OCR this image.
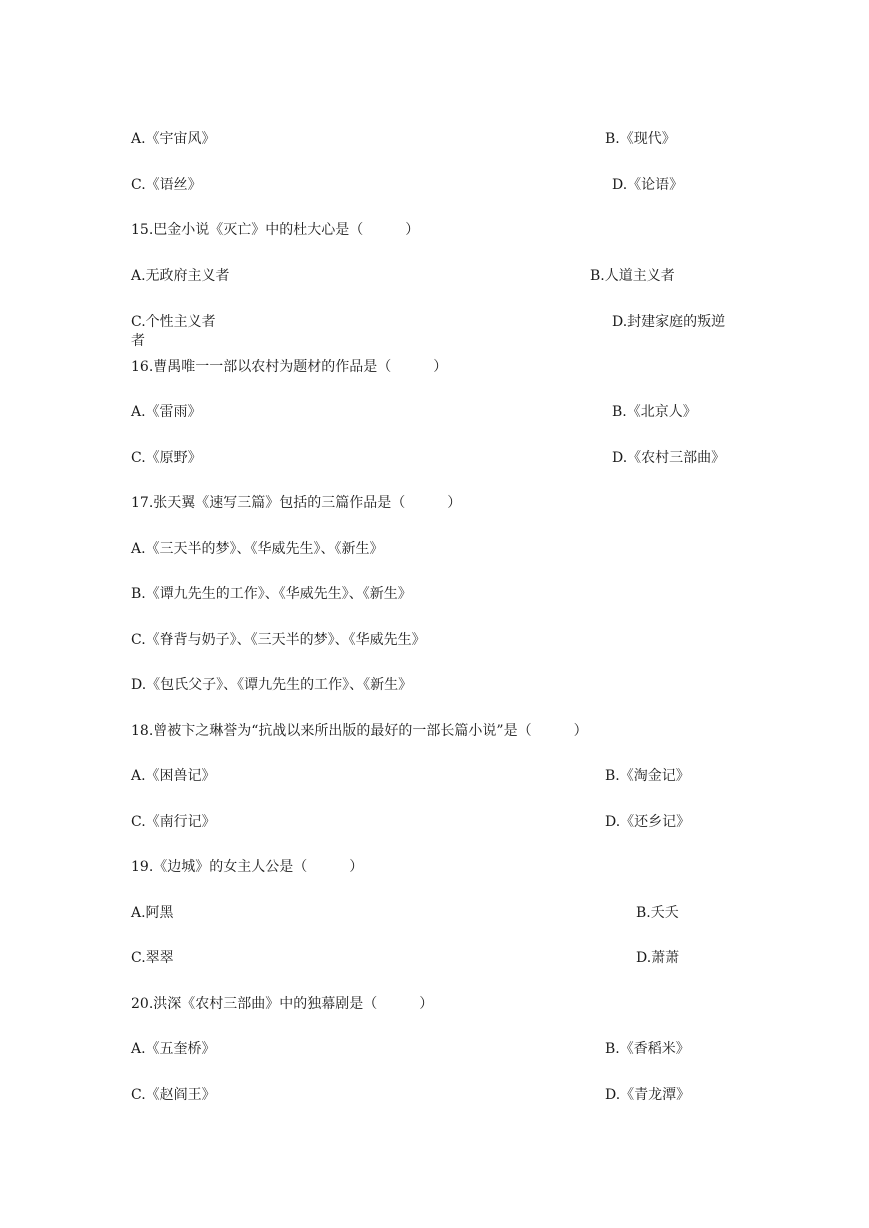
A.《宇宙风》	B.《现代》
C.《语丝》	D.《论语》
15.巴金小说《灭亡》中的杜大心是（　　　）
A.无政府主义者	B.人道主义者
C.个性主义者	D.封建家庭的叛逆
者
16.曹禺唯一一部以农村为题材的作品是（　　　）
A.《雷雨》	B.《北京人》
C.《原野》	D.《农村三部曲》
17.张天翼《速写三篇》包括的三篇作品是（　　　）
A.《三天半的梦》、《华威先生》、《新生》
B.《谭九先生的工作》、《华威先生》、《新生》
C.《脊背与奶子》、《三天半的梦》、《华威先生》
D.《包氏父子》、《谭九先生的工作》、《新生》
18.曾被卞之琳誉为“抗战以来所出版的最好的一部长篇小说”是（　　　）
A.《困兽记》	B.《淘金记》
C.《南行记》	D.《还乡记》
19.《边城》的女主人公是（　　　）
A.阿黑	B.夭夭
C.翠翠	D.萧萧
20.洪深《农村三部曲》中的独幕剧是（　　　）
A.《五奎桥》	B.《香稻米》
C.《赵阎王》	D.《青龙潭》
